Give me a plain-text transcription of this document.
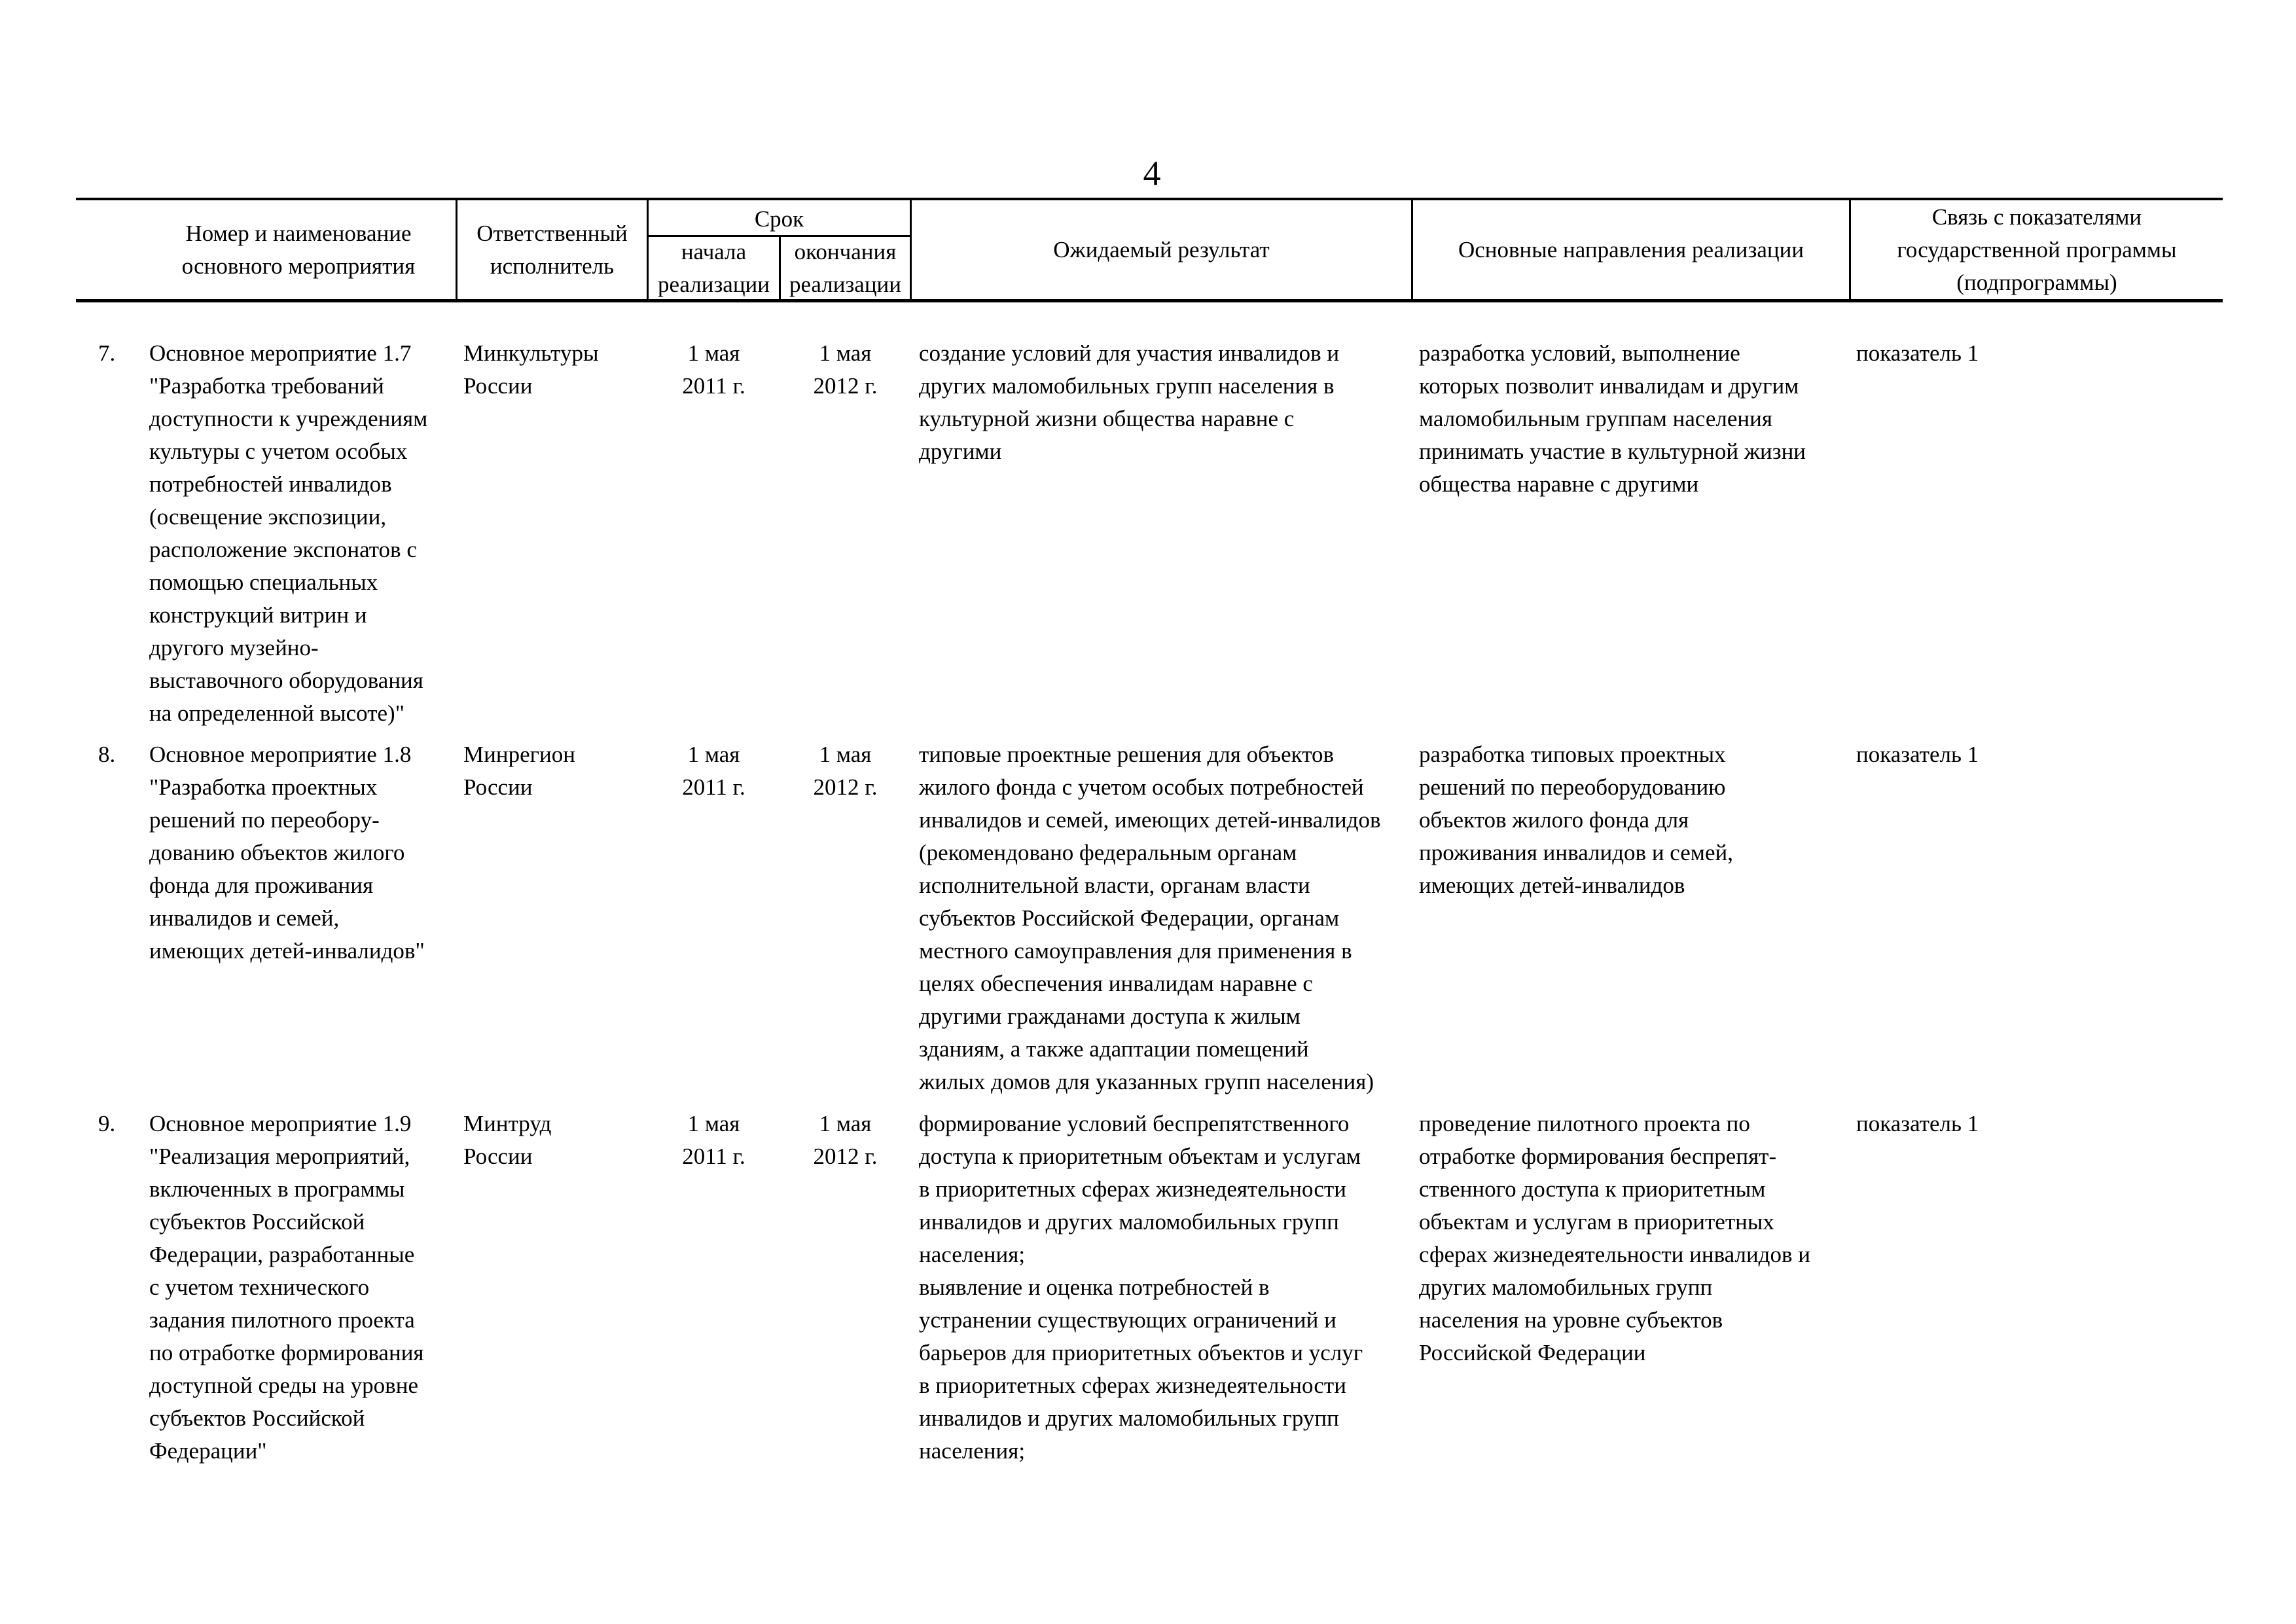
4
Номер и наименование
основного мероприятия
Ответственный
исполнитель
Срок
начала
реализации
окончания
реализации
Ожидаемый результат	Основные направления реализации
Связь с показателями
государственной программы
(подпрограммы)
7. Основное мероприятие 1.7
"Разработка требований
доступности к учреждениям
культуры с учетом особых
потребностей инвалидов
(освещение экспозиции,
расположение экспонатов с
помощью специальных
конструкций витрин и
другого музейно-
выставочного оборудования
на определенной высоте)"
Минкультуры
России
1 мая
2011 г.
1 мая
2012 г.
создание условий для участия инвалидов и
других маломобильных групп населения в
культурной жизни общества наравне с
другими
разработка условий, выполнение
которых позволит инвалидам и другим
маломобильным группам населения
принимать участие в культурной жизни
общества наравне с другими
показатель 1
8. Основное мероприятие 1.8
"Разработка проектных
решений по переобору-
дованию объектов жилого
фонда для проживания
инвалидов и семей,
имеющих детей-инвалидов"
Минрегион
России
1 мая
2011 г.
1 мая
2012 г.
типовые проектные решения для объектов
жилого фонда с учетом особых потребностей
инвалидов и семей, имеющих детей-инвалидов
(рекомендовано федеральным органам
исполнительной власти, органам власти
субъектов Российской Федерации, органам
местного самоуправления для применения в
целях обеспечения инвалидам наравне с
другими гражданами доступа к жилым
зданиям, а также адаптации помещений
жилых домов для указанных групп населения)
разработка типовых проектных
решений по переоборудованию
объектов жилого фонда для
проживания инвалидов и семей,
имеющих детей-инвалидов
показатель 1
9. Основное мероприятие 1.9
"Реализация мероприятий,
включенных в программы
субъектов Российской
Федерации, разработанные
с учетом технического
задания пилотного проекта
по отработке формирования
доступной среды на уровне
субъектов Российской
Федерации"
Минтруд
России
1 мая
2011 г.
1 мая
2012 г.
формирование условий беспрепятственного
доступа к приоритетным объектам и услугам
в приоритетных сферах жизнедеятельности
инвалидов и других маломобильных групп
населения;
выявление и оценка потребностей в
устранении существующих ограничений и
барьеров для приоритетных объектов и услуг
в приоритетных сферах жизнедеятельности
инвалидов и других маломобильных групп
населения;
проведение пилотного проекта по
отработке формирования беспрепят-
ственного доступа к приоритетным
объектам и услугам в приоритетных
сферах жизнедеятельности инвалидов и
других маломобильных групп
населения на уровне субъектов
Российской Федерации
показатель 1
